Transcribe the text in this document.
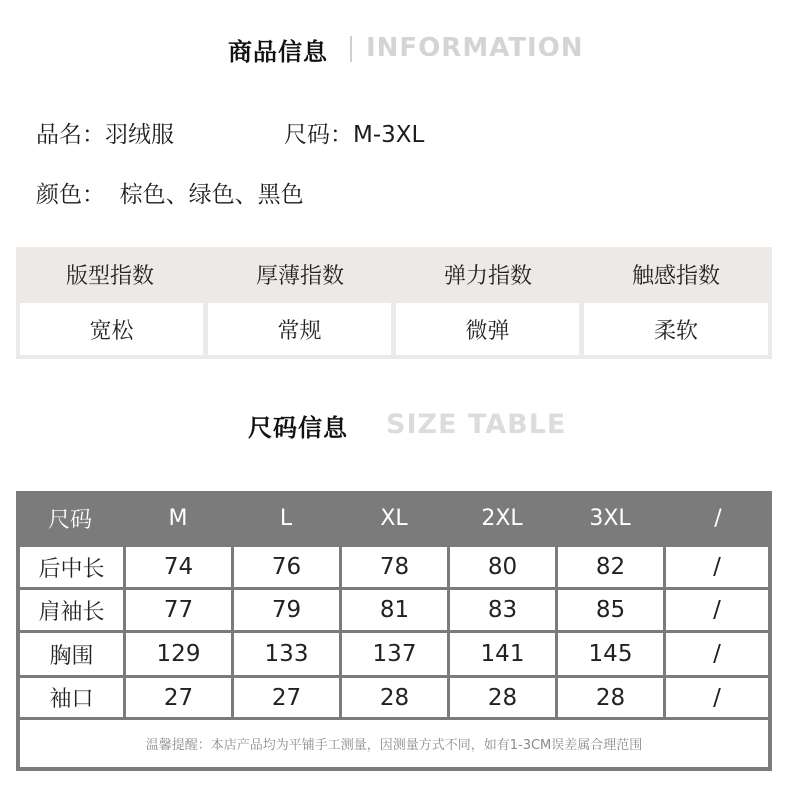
商品信息 INFORMATION
品名：羽绒服	尺码：M-3XL
颜色：  棕色、绿色、黑色
版型指数	厚薄指数	弹力指数	触感指数
宽松	常规	微弹	柔软
尺码信息 SIZE TABLE
尺码	M	L	XL	2XL	3XL	/
后中长	74	76	78	80	82	/
肩袖长	77	79	81	83	85	/
胸围	129	133	137	141	145	/
袖口	27	27	28	28	28	/
温馨提醒：本店产品均为平铺手工测量，因测量方式不同，如有1-3CM误差属合理范围
